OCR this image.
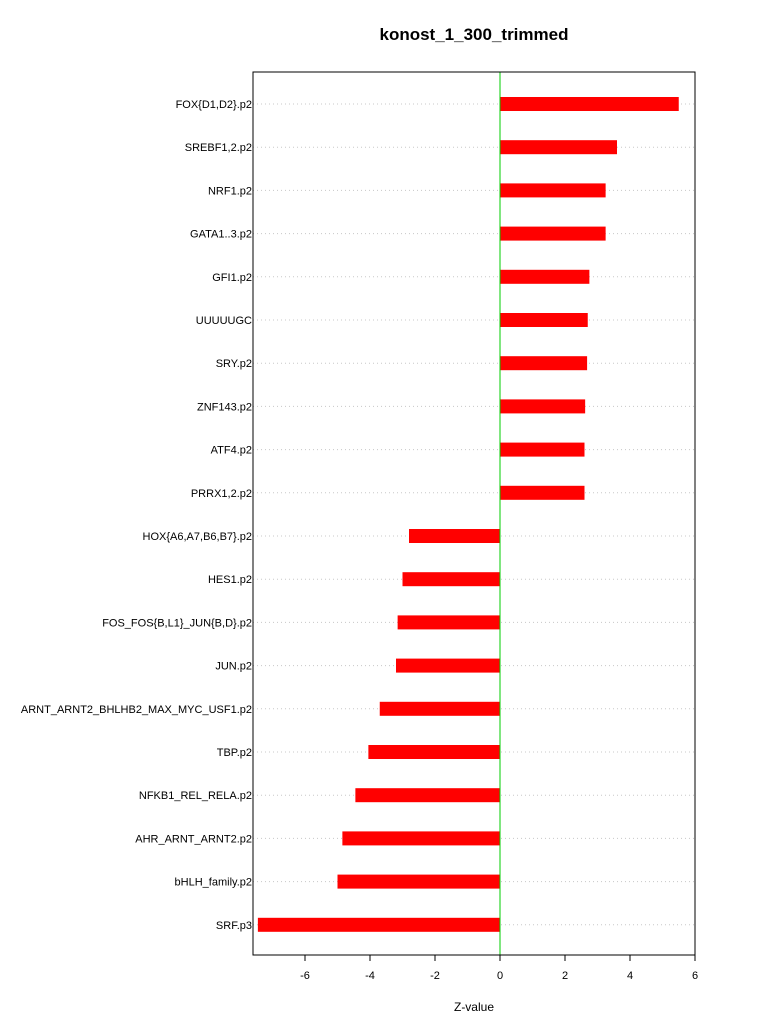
konost_1_300_trimmed
FOX{D1,D2}.p2
SREBF1,2.p2
NRF1.p2
GATA1..3.p2
GFI1.p2
UUUUUGC
SRY.p2
ZNF143.p2
ATF4.p2
PRRX1,2.p2
HOX{A6,A7,B6,B7}.p2
HES1.p2
FOS_FOS{B,L1}_JUN{B,D}.p2
JUN.p2
ARNT_ARNT2_BHLHB2_MAX_MYC_USF1.p2
TBP.p2
NFKB1_REL_RELA.p2
AHR_ARNT_ARNT2.p2
bHLH_family.p2
SRF.p3
-6	-4	-2	0	2	4	6
Z-value
